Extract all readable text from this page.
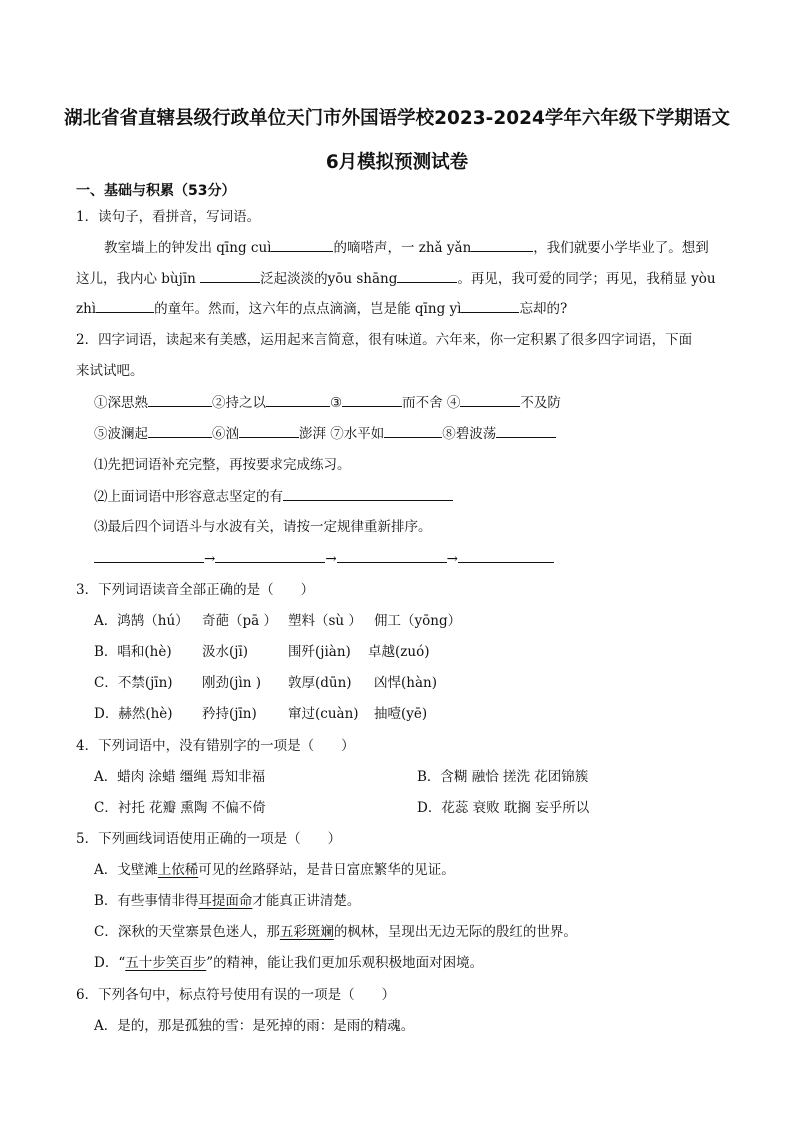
湖北省省直辖县级行政单位天门市外国语学校2023-2024学年六年级下学期语文
6月模拟预测试卷
一、基础与积累（53分）
1．读句子，看拼音，写词语。
教室墙上的钟发出 qīng cuì	的嘀嗒声，一 zhǎ yǎn	，我们就要小学毕业了。想到
这儿，我内心 bùjīn	泛起淡淡的yōu shāng	。再见，我可爱的同学；再见，我稍显 yòu
zhì	的童年。然而，这六年的点点滴滴，岂是能 qīng yì	忘却的?
2．四字词语，读起来有美感，运用起来言简意，很有味道。六年来，你一定积累了很多四字词语，下面
来试试吧。
①深思熟	②持之以	③	而不舍 ④	不及防
⑤波澜起	⑥汹	澎湃 ⑦水平如	⑧碧波荡
⑴先把词语补充完整，再按要求完成练习。
⑵上面词语中形容意志坚定的有
⑶最后四个词语斗与水波有关，请按一定规律重新排序。
→	→	→
3．下列词语读音全部正确的是（　　）
A．鸿鹄（hú） 奇葩（pā ） 塑料（sù ） 佣工（yōng）
B．唱和(hè) 汲水(jī)	围歼(jiàn) 卓越(zuó)
C．不禁(jīn) 刚劲(jìn ) 敦厚(dūn) 凶悍(hàn)
D．赫然(hè) 矜持(jīn) 窜过(cuàn) 抽噎(yē)
4．下列词语中，没有错别字的一项是（　　）
A．蜡肉 涂蜡 缰绳 焉知非福	B．含糊 融恰 搓洗 花团锦簇
C．衬托 花瓣 熏陶 不偏不倚	D．花蕊 衰败 耽搁 妄乎所以
5．下列画线词语使用正确的一项是（　　）
A．戈壁滩上依稀可见的丝路驿站，是昔日富庶繁华的见证。
B．有些事情非得耳提面命才能真正讲清楚。
C．深秋的天堂寨景色迷人，那五彩斑斓的枫林，呈现出无边无际的殷红的世界。
D．“五十步笑百步”的精神，能让我们更加乐观积极地面对困境。
6．下列各句中，标点符号使用有误的一项是（　　）
A．是的，那是孤独的雪：是死掉的雨：是雨的精魂。
